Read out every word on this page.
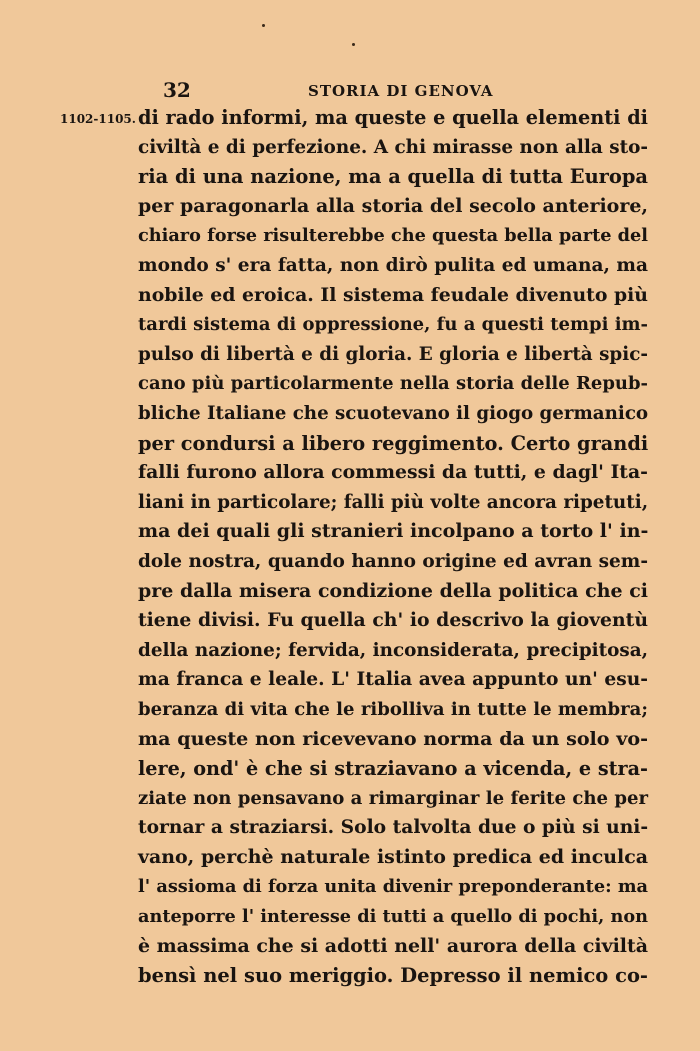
32	STORIA DI GENOVA
1102-1105. di rado informi, ma queste e quella elementi di
civiltà e di perfezione. A chi mirasse non alla sto-
ria di una nazione, ma a quella di tutta Europa
per paragonarla alla storia del secolo anteriore,
chiaro forse risulterebbe che questa bella parte del
mondo s' era fatta, non dirò pulita ed umana, ma
nobile ed eroica. Il sistema feudale divenuto più
tardi sistema di oppressione, fu a questi tempi im-
pulso di libertà e di gloria. E gloria e libertà spic-
cano più particolarmente nella storia delle Repub-
bliche Italiane che scuotevano il giogo germanico
per condursi a libero reggimento. Certo grandi
falli furono allora commessi da tutti, e dagl' Ita-
liani in particolare; falli più volte ancora ripetuti,
ma dei quali gli stranieri incolpano a torto l' in-
dole nostra, quando hanno origine ed avran sem-
pre dalla misera condizione della politica che ci
tiene divisi. Fu quella ch' io descrivo la gioventù
della nazione; fervida, inconsiderata, precipitosa,
ma franca e leale. L' Italia avea appunto un' esu-
beranza di vita che le ribolliva in tutte le membra;
ma queste non ricevevano norma da un solo vo-
lere, ond' è che si straziavano a vicenda, e stra-
ziate non pensavano a rimarginar le ferite che per
tornar a straziarsi. Solo talvolta due o più si uni-
vano, perchè naturale istinto predica ed inculca
l' assioma di forza unita divenir preponderante: ma
anteporre l' interesse di tutti a quello di pochi, non
è massima che si adotti nell' aurora della civiltà
bensì nel suo meriggio. Depresso il nemico co-
